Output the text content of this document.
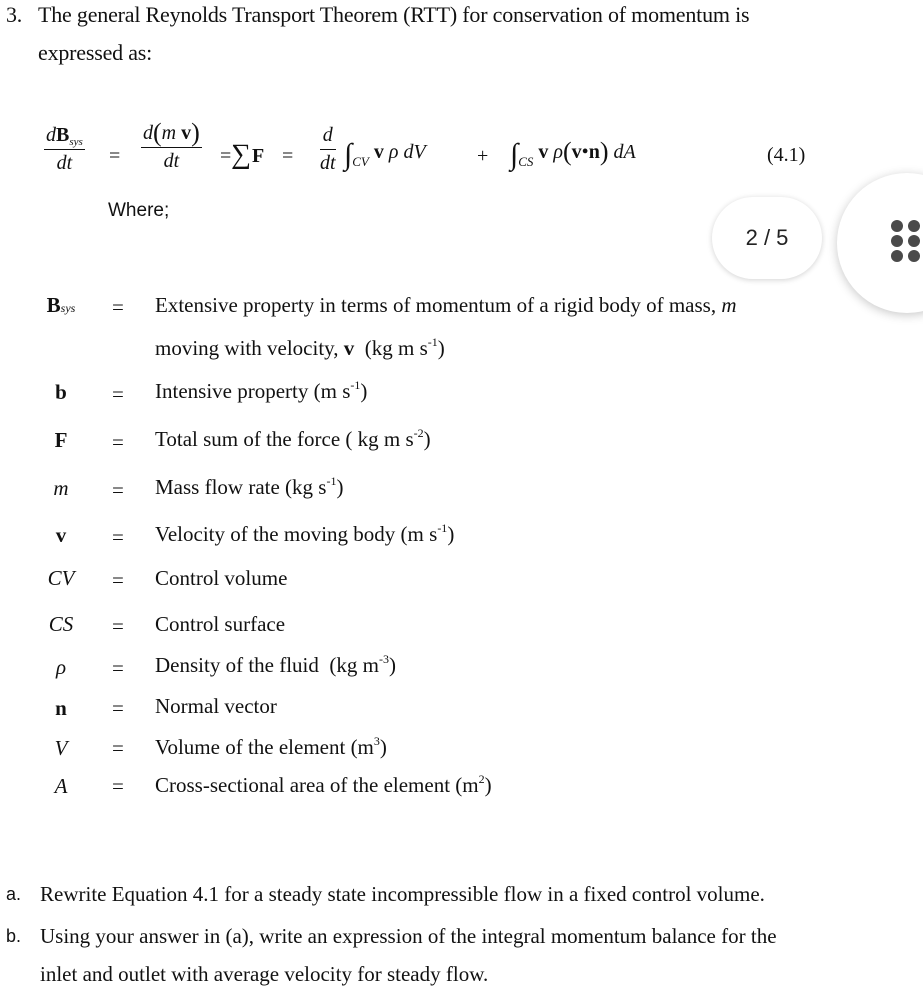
3. The general Reynolds Transport Theorem (RTT) for conservation of momentum is
expressed as:
$dB_{sys}$
dt	=
d(m v)
dt	= ∑ F =
d
dt $\int_{CV}$ v ρ dV	+ $\int_{CS}$ v ρ(v•n) dA	(4.1)
Where;
2 / 5
Bsys	= Extensive property in terms of momentum of a rigid body of mass, m
moving with velocity, v  (kg m $s^{-1}$)
b	= Intensive property (m $s^{-1}$)
F	= Total sum of the force ( kg m $s^{-2}$)
m	= Mass flow rate (kg $s^{-1}$)
v	= Velocity of the moving body (m $s^{-1}$)
CV	= Control volume
CS	= Control surface
ρ	= Density of the fluid  (kg $m^{-3}$)
n	= Normal vector
V	= Volume of the element $(m^3)$
A	= Cross-sectional area of the element $(m^2)$
a. Rewrite Equation 4.1 for a steady state incompressible flow in a fixed control volume.
b. Using your answer in (a), write an expression of the integral momentum balance for the
inlet and outlet with average velocity for steady flow.
